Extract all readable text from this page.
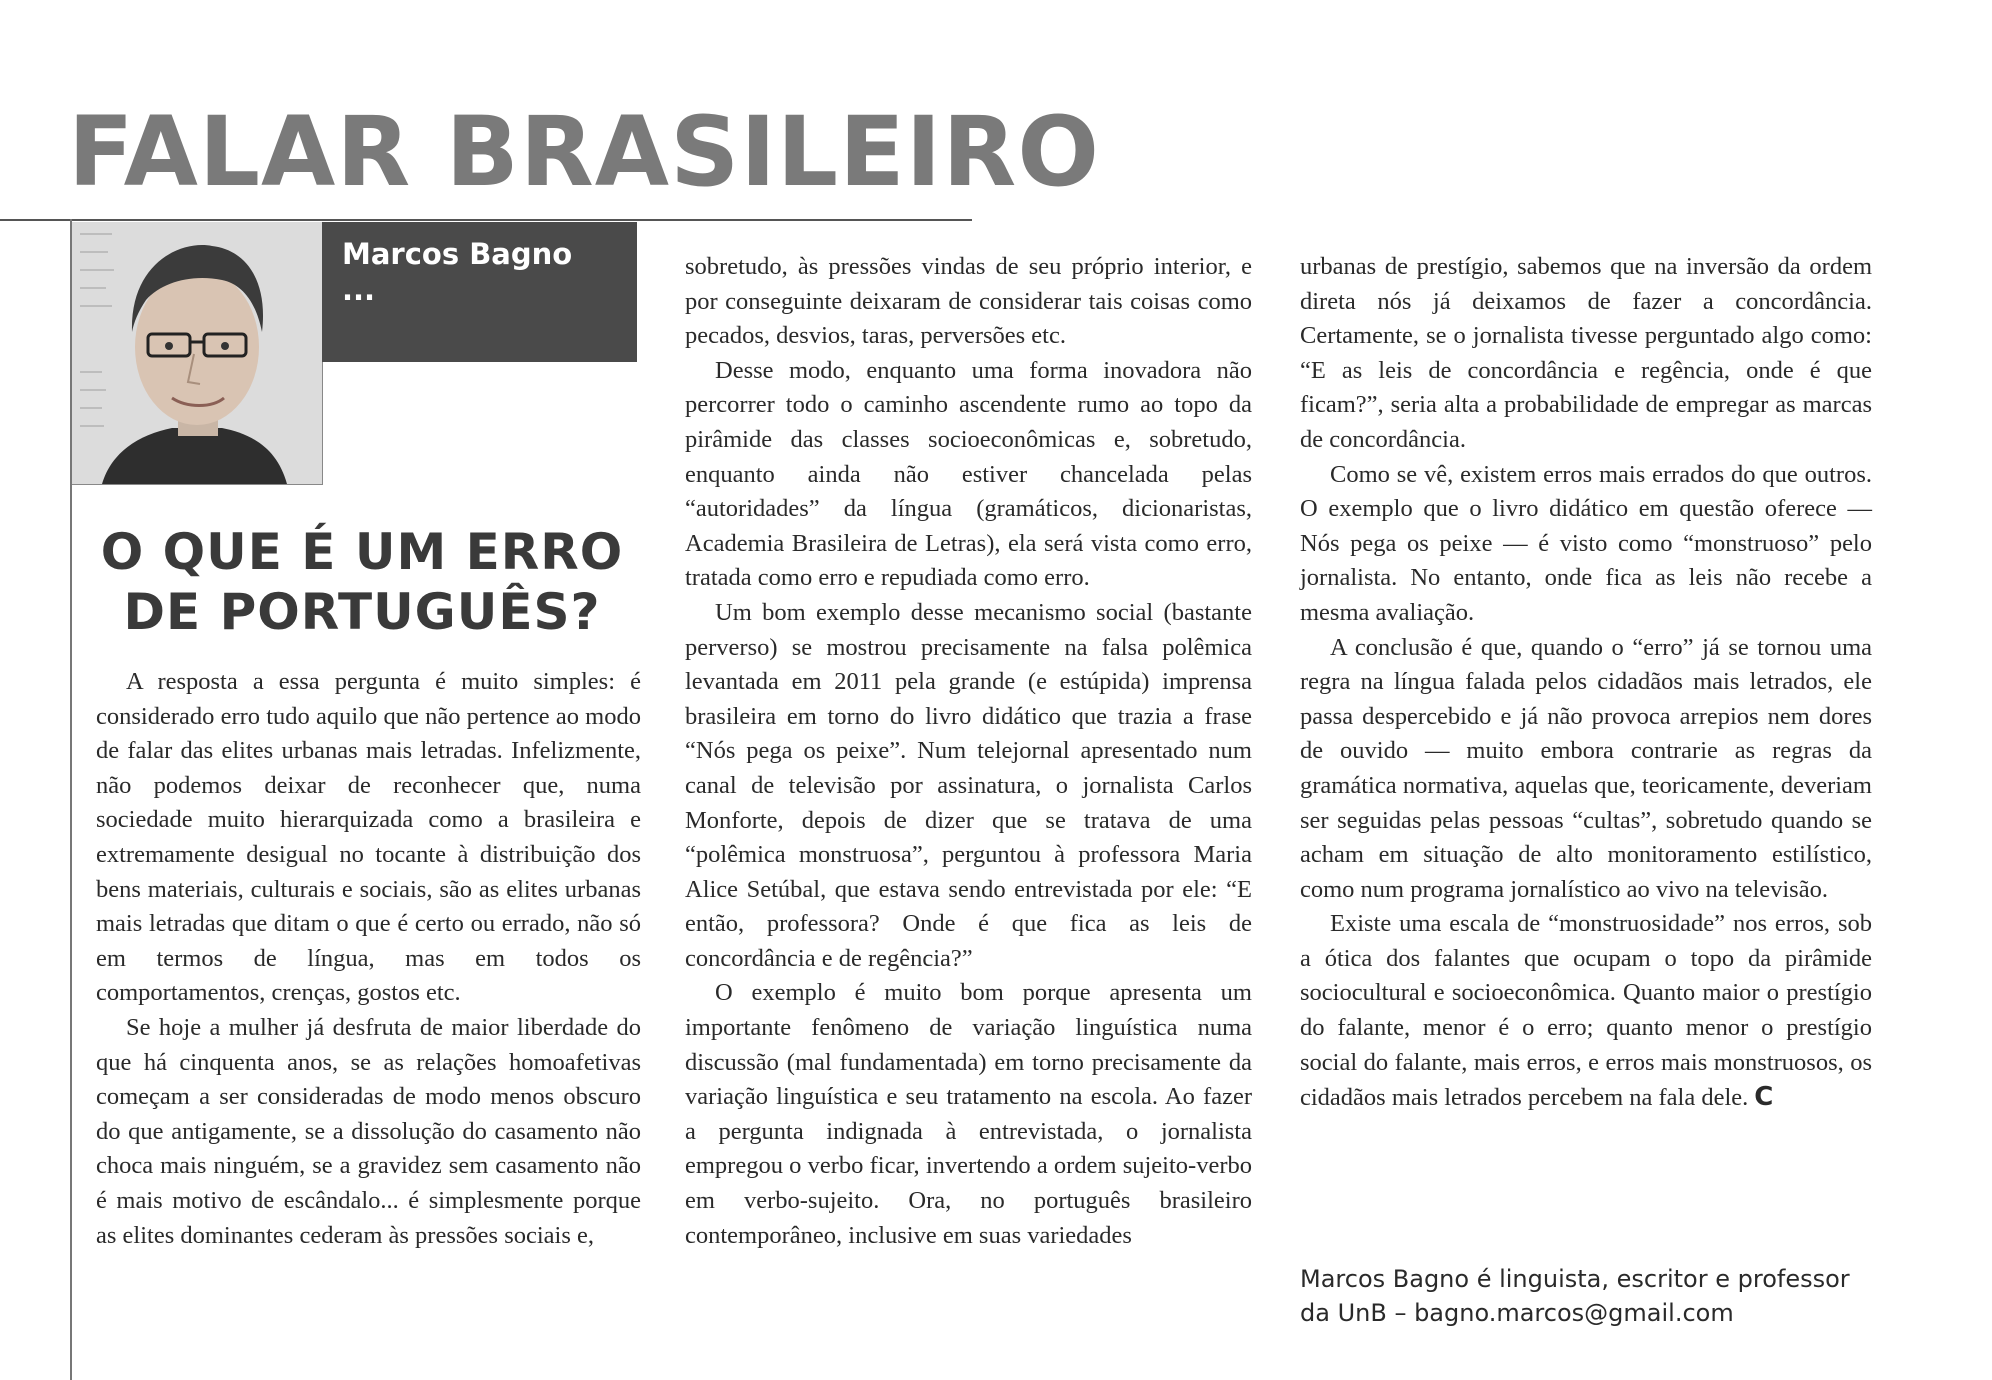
FALAR BRASILEIRO
Marcos Bagno
...
O QUE É UM ERRO
DE PORTUGUÊS?

A resposta a essa pergunta é muito simples: é considerado erro tudo aquilo que não pertence ao modo de falar das elites urbanas mais letradas. Infelizmente, não podemos deixar de reconhecer que, numa sociedade muito hierarquizada como a brasileira e extremamente desigual no tocante à distribuição dos bens materiais, culturais e sociais, são as elites urbanas mais letradas que ditam o que é certo ou errado, não só em termos de língua, mas em todos os comportamentos, crenças, gostos etc.

Se hoje a mulher já desfruta de maior liberdade do que há cinquenta anos, se as relações homoafetivas começam a ser consideradas de modo menos obscuro do que antigamente, se a dissolução do casamento não choca mais ninguém, se a gravidez sem casamento não é mais motivo de escândalo... é simplesmente porque as elites dominantes cederam às pressões sociais e,

sobretudo, às pressões vindas de seu próprio interior, e por conseguinte deixaram de considerar tais coisas como pecados, desvios, taras, perversões etc.

Desse modo, enquanto uma forma inovadora não percorrer todo o caminho ascendente rumo ao topo da pirâmide das classes socioeconômicas e, sobretudo, enquanto ainda não estiver chancelada pelas “autoridades” da língua (gramáticos, dicionaristas, Academia Brasileira de Letras), ela será vista como erro, tratada como erro e repudiada como erro.

Um bom exemplo desse mecanismo social (bastante perverso) se mostrou precisamente na falsa polêmica levantada em 2011 pela grande (e estúpida) imprensa brasileira em torno do livro didático que trazia a frase “Nós pega os peixe”. Num telejornal apresentado num canal de televisão por assinatura, o jornalista Carlos Monforte, depois de dizer que se tratava de uma “polêmica monstruosa”, perguntou à professora Maria Alice Setúbal, que estava sendo entrevistada por ele: “E então, professora? Onde é que fica as leis de concordância e de regência?”

O exemplo é muito bom porque apresenta um importante fenômeno de variação linguística numa discussão (mal fundamentada) em torno precisamente da variação linguística e seu tratamento na escola. Ao fazer a pergunta indignada à entrevistada, o jornalista empregou o verbo ficar, invertendo a ordem sujeito-verbo em verbo-sujeito. Ora, no português brasileiro contemporâneo, inclusive em suas variedades

urbanas de prestígio, sabemos que na inversão da ordem direta nós já deixamos de fazer a concordância. Certamente, se o jornalista tivesse perguntado algo como: “E as leis de concordância e regência, onde é que ficam?”, seria alta a probabilidade de empregar as marcas de concordância.

Como se vê, existem erros mais errados do que outros. O exemplo que o livro didático em questão oferece — Nós pega os peixe — é visto como “monstruoso” pelo jornalista. No entanto, onde fica as leis não recebe a mesma avaliação.

A conclusão é que, quando o “erro” já se tornou uma regra na língua falada pelos cidadãos mais letrados, ele passa despercebido e já não provoca arrepios nem dores de ouvido — muito embora contrarie as regras da gramática normativa, aquelas que, teoricamente, deveriam ser seguidas pelas pessoas “cultas”, sobretudo quando se acham em situação de alto monitoramento estilístico, como num programa jornalístico ao vivo na televisão.

Existe uma escala de “monstruosidade” nos erros, sob a ótica dos falantes que ocupam o topo da pirâmide sociocultural e socioeconômica. Quanto maior o prestígio do falante, menor é o erro; quanto menor o prestígio social do falante, mais erros, e erros mais monstruosos, os cidadãos mais letrados percebem na fala dele. C

Marcos Bagno é linguista, escritor e professor
da UnB – bagno.marcos@gmail.com
